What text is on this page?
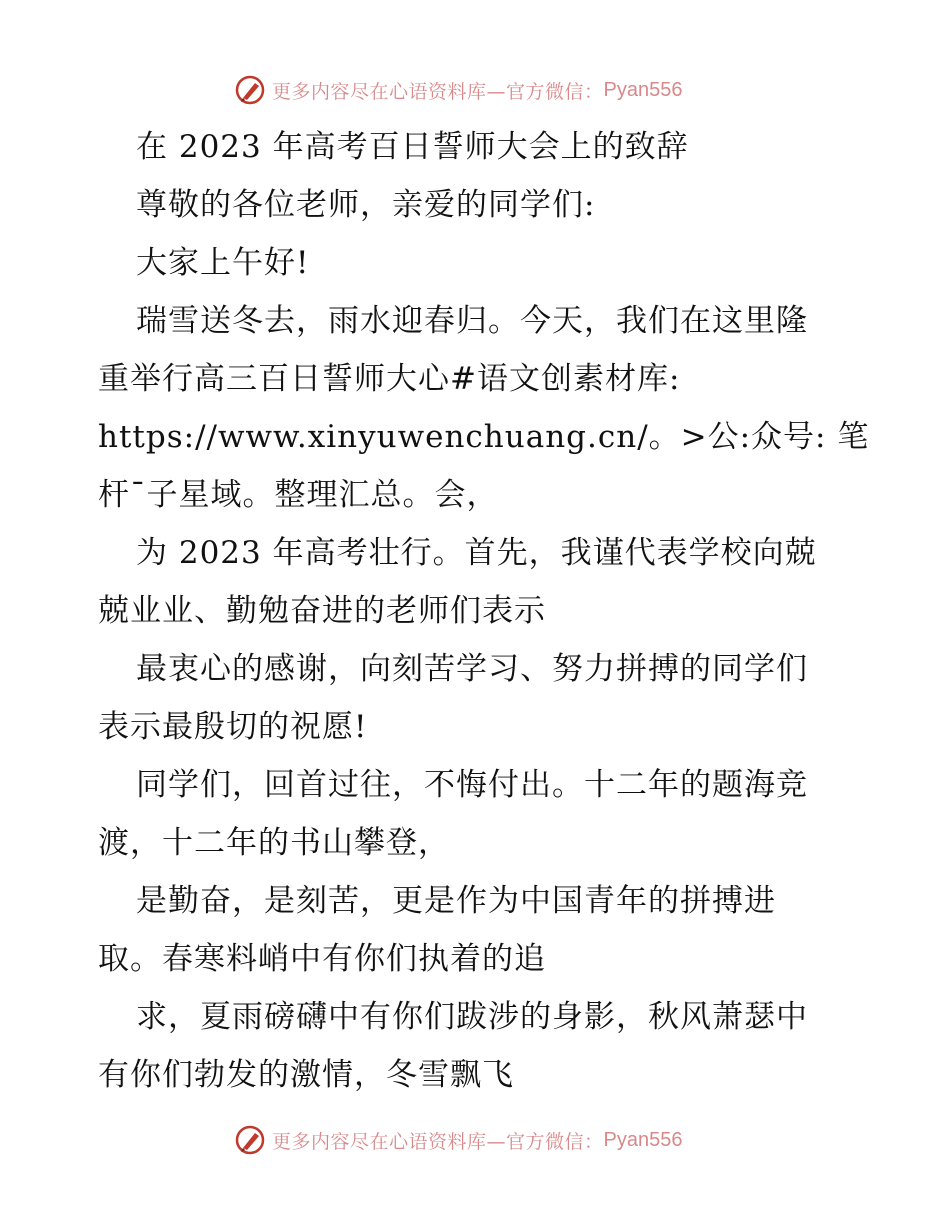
更多内容尽在心语资料库—官方微信： Pyan556
在 2023 年高考百日誓师大会上的致辞
尊敬的各位老师，亲爱的同学们:
大家上午好!
瑞雪送冬去，雨水迎春归。今天，我们在这里隆
重举行高三百日誓师大心#语文创素材库:
https://www.xinyuwenchuang.cn/。>公:众号: 笔
杆¯子星域。整理汇总。会，
为 2023 年高考壮行。首先，我谨代表学校向兢
兢业业、勤勉奋进的老师们表示
最衷心的感谢，向刻苦学习、努力拼搏的同学们
表示最殷切的祝愿!
同学们，回首过往，不悔付出。十二年的题海竞
渡，十二年的书山攀登，
是勤奋，是刻苦，更是作为中国青年的拼搏进
取。春寒料峭中有你们执着的追
求，夏雨磅礴中有你们跋涉的身影，秋风萧瑟中
有你们勃发的激情，冬雪飘飞
更多内容尽在心语资料库—官方微信： Pyan556
